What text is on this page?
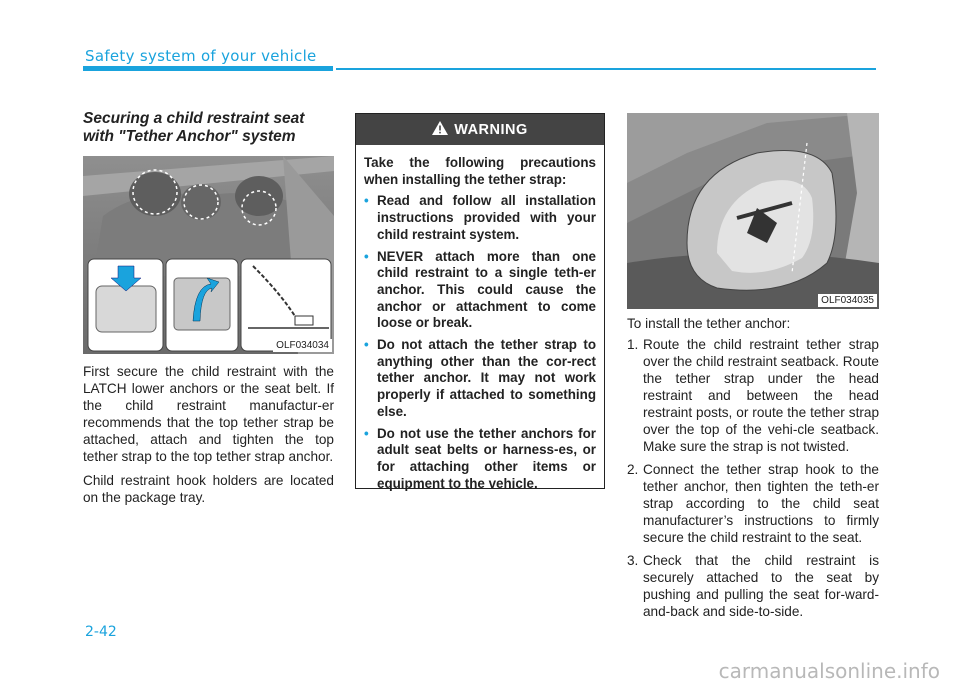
Safety system of your vehicle
Securing a child restraint seat with "Tether Anchor" system
OLF034034

First secure the child restraint with the LATCH lower anchors or the seat belt. If the child restraint manufactur-er recommends that the top tether strap be attached, attach and tighten the top tether strap to the top tether strap anchor.

Child restraint hook holders are located on the package tray.

WARNING

Take the following precautions when installing the tether strap:

• Read and follow all installation instructions provided with your child restraint system.
• NEVER attach more than one child restraint to a single teth-er anchor. This could cause the anchor or attachment to come loose or break.
• Do not attach the tether strap to anything other than the cor-rect tether anchor. It may not work properly if attached to something else.
• Do not use the tether anchors for adult seat belts or harness-es, or for attaching other items or equipment to the vehicle.
OLF034035
To install the tether anchor:
1. Route the child restraint tether strap over the child restraint seatback. Route the tether strap under the head restraint and between the head restraint posts, or route the tether strap over the top of the vehi-cle seatback. Make sure the strap is not twisted.
2. Connect the tether strap hook to the tether anchor, then tighten the teth-er strap according to the child seat manufacturer’s instructions to firmly secure the child restraint to the seat.
3. Check that the child restraint is securely attached to the seat by pushing and pulling the seat for-ward-and-back and side-to-side.
2-42
carmanualsonline.info
